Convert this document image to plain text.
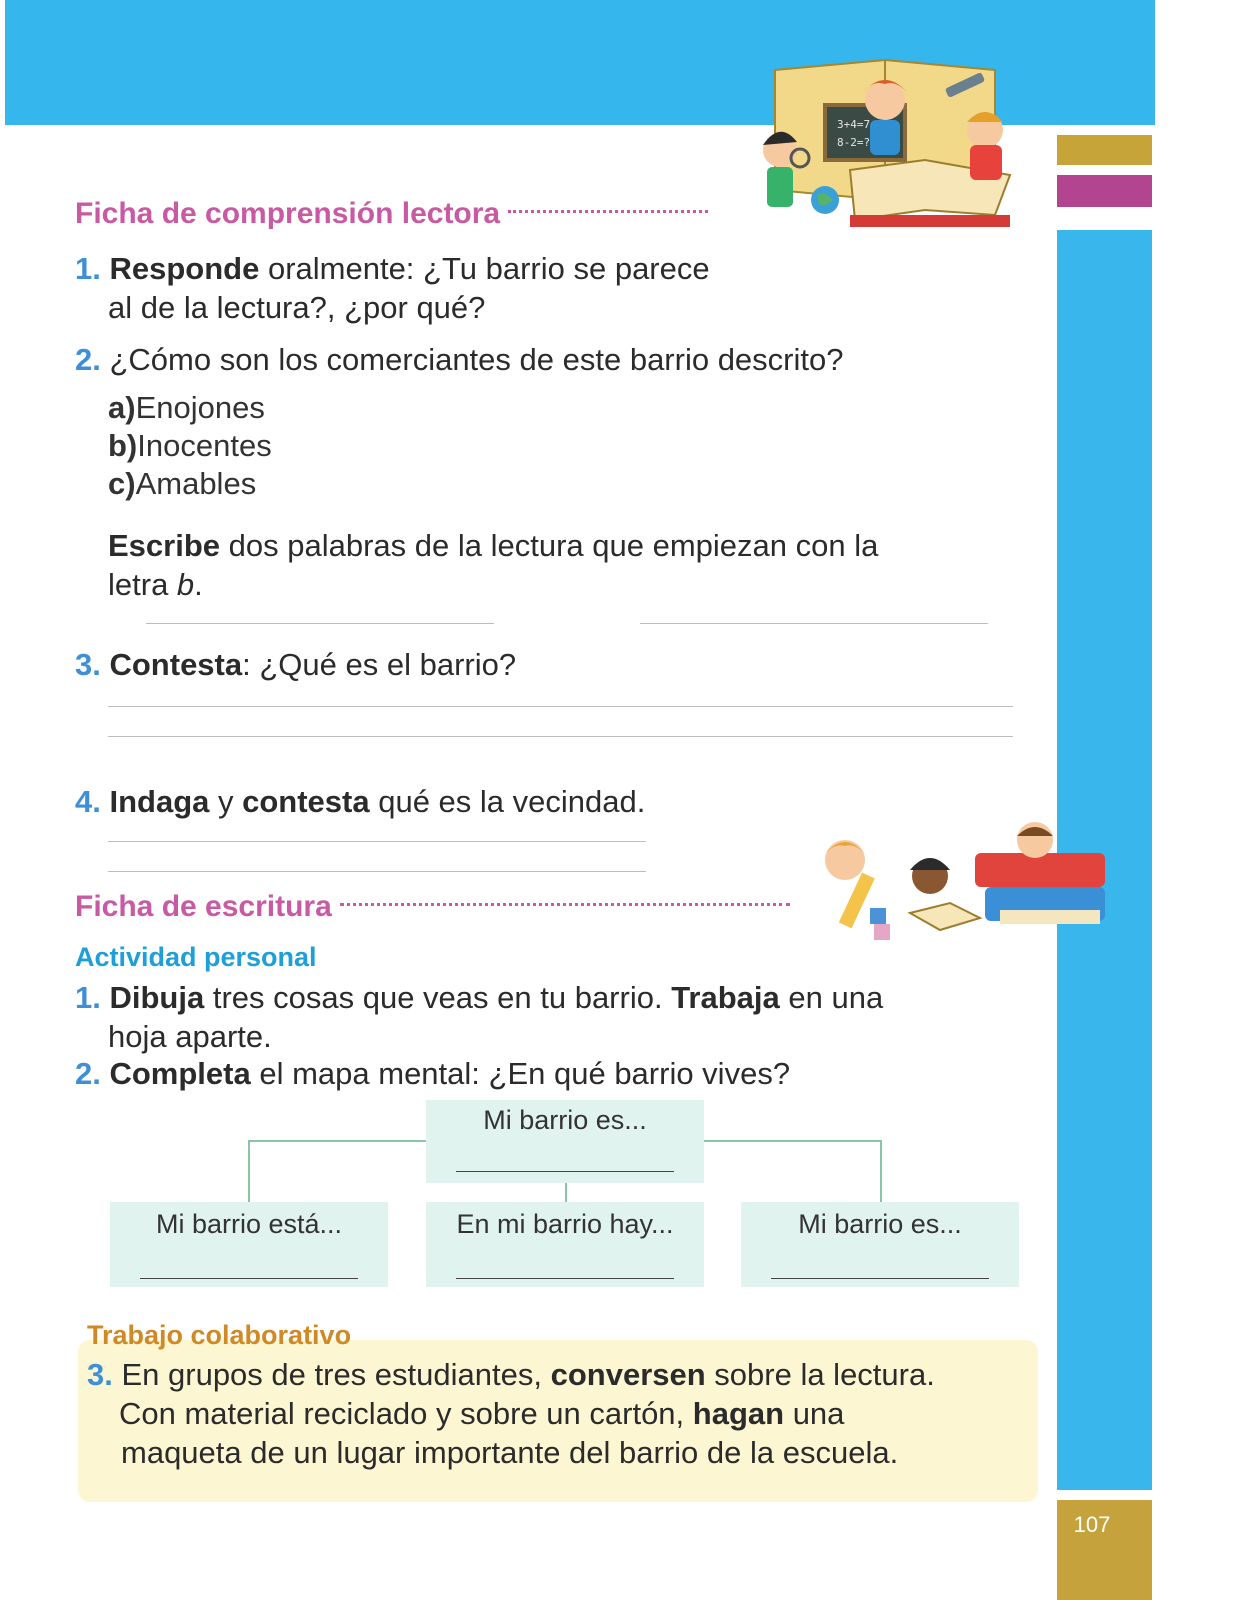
107
3+4=7
8-2=?
Ficha de comprensión lectora
1. Responde oralmente: ¿Tu barrio se parece
al de la lectura?, ¿por qué?
2. ¿Cómo son los comerciantes de este barrio descrito?
a)Enojones
b)Inocentes
c)Amables
Escribe dos palabras de la lectura que empiezan con la
letra b.
3. Contesta: ¿Qué es el barrio?
4. Indaga y contesta qué es la vecindad.
Ficha de escritura
Actividad personal
1. Dibuja tres cosas que veas en tu barrio. Trabaja en una
hoja aparte.
2. Completa el mapa mental: ¿En qué barrio vives?
Mi barrio es...
Mi barrio está...	En mi barrio hay...	Mi barrio es...
Trabajo colaborativo
3. En grupos de tres estudiantes, conversen sobre la lectura.
Con material reciclado y sobre un cartón, hagan una
maqueta de un lugar importante del barrio de la escuela.
